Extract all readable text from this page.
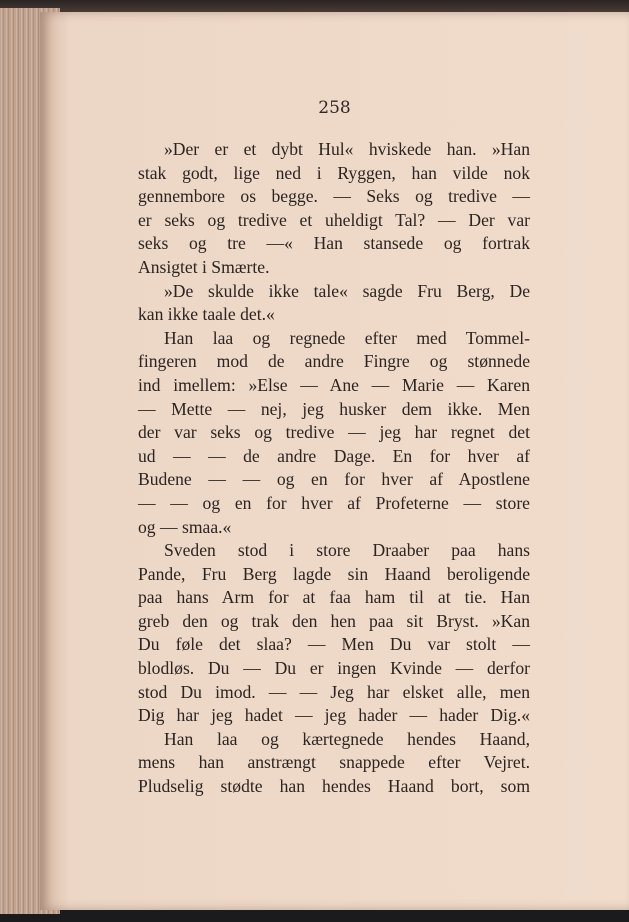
258
»Der er et dybt Hul« hviskede han. »Han
stak godt, lige ned i Ryggen, han vilde nok
gennembore os begge. — Seks og tredive —
er seks og tredive et uheldigt Tal? — Der var
seks og tre —« Han stansede og fortrak
Ansigtet i Smærte.
»De skulde ikke tale« sagde Fru Berg, De
kan ikke taale det.«
Han laa og regnede efter med Tommel-
fingeren mod de andre Fingre og stønnede
ind imellem: »Else — Ane — Marie — Karen
— Mette — nej, jeg husker dem ikke. Men
der var seks og tredive — jeg har regnet det
ud — — de andre Dage. En for hver af
Budene — — og en for hver af Apostlene
— — og en for hver af Profeterne — store
og — smaa.«
Sveden stod i store Draaber paa hans
Pande, Fru Berg lagde sin Haand beroligende
paa hans Arm for at faa ham til at tie. Han
greb den og trak den hen paa sit Bryst. »Kan
Du føle det slaa? — Men Du var stolt —
blodløs. Du — Du er ingen Kvinde — derfor
stod Du imod. — — Jeg har elsket alle, men
Dig har jeg hadet — jeg hader — hader Dig.«
Han laa og kærtegnede hendes Haand,
mens han anstrængt snappede efter Vejret.
Pludselig stødte han hendes Haand bort, som
